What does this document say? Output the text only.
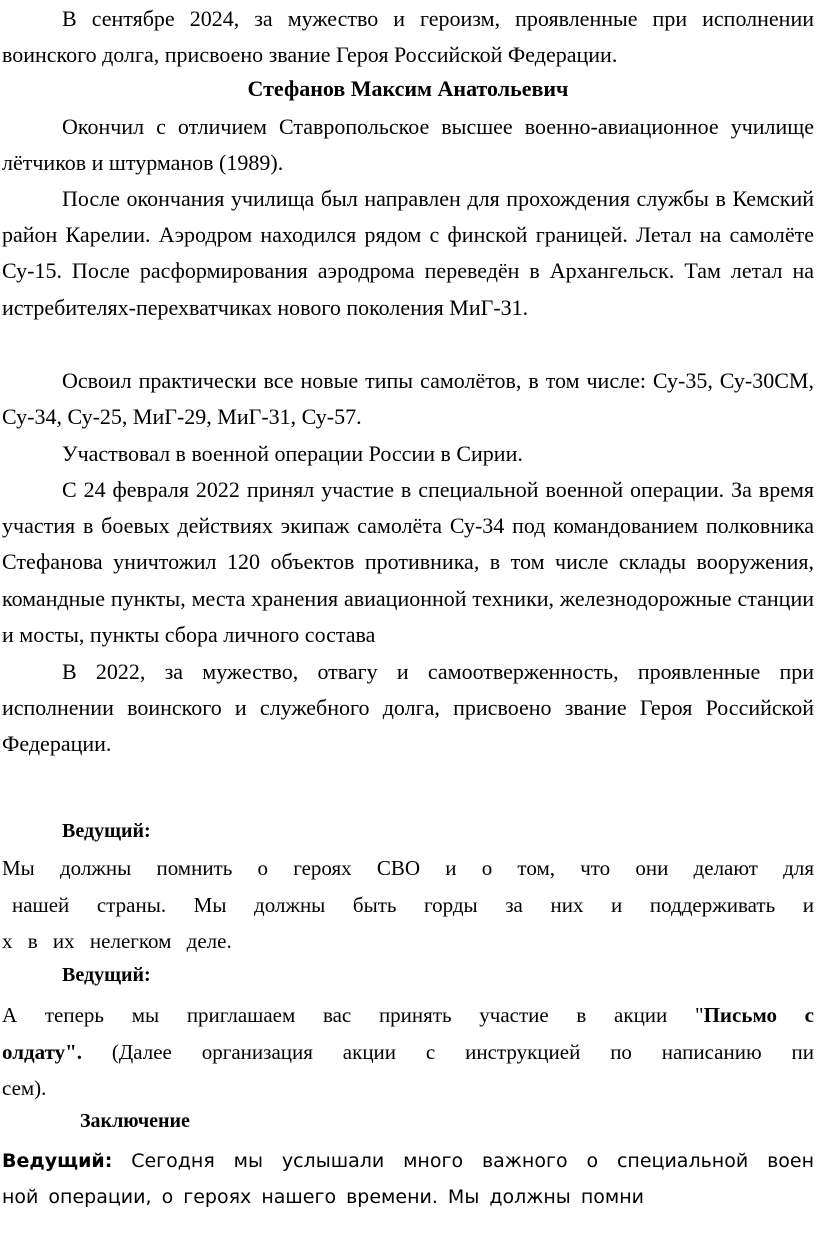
В сентябре 2024, за мужество и героизм, проявленные при исполнении воинского долга, присвоено звание Героя Российской Федерации.

Стефанов Максим Анатольевич

Окончил с отличием Ставропольское высшее военно-авиационное училище лётчиков и штурманов (1989).

После окончания училища был направлен для прохождения службы в Кемский район Карелии. Аэродром находился рядом с финской границей. Летал на самолёте Су-15. После расформирования аэродрома переведён в Архангельск. Там летал на истребителях-перехватчиках нового поколения МиГ-31.

Освоил практически все новые типы самолётов, в том числе: Су-35, Су-30СМ, Су-34, Су-25, МиГ-29, МиГ-31, Су-57.

Участвовал в военной операции России в Сирии.

С 24 февраля 2022 принял участие в специальной военной операции. За время участия в боевых действиях экипаж самолёта Су-34 под командованием полковника Стефанова уничтожил 120 объектов противника, в том числе склады вооружения, командные пункты, места хранения авиационной техники, железнодорожные станции и мосты, пункты сбора личного состава

В 2022, за мужество, отвагу и самоотверженность, проявленные при исполнении воинского и служебного долга, присвоено звание Героя Российской Федерации.

Ведущий:
Мы должны помнить о героях СВО и о том, что они делают для
нашей страны. Мы должны быть горды за них и поддерживать и
х в их нелегком деле.
Ведущий:
А теперь мы приглашаем вас принять участие в акции "Письмо с
олдату". (Далее организация акции с инструкцией по написанию пи
сем).
Заключение
Ведущий: Сегодня мы услышали много важного о специальной воен
ной операции, о героях нашего времени. Мы должны помни
